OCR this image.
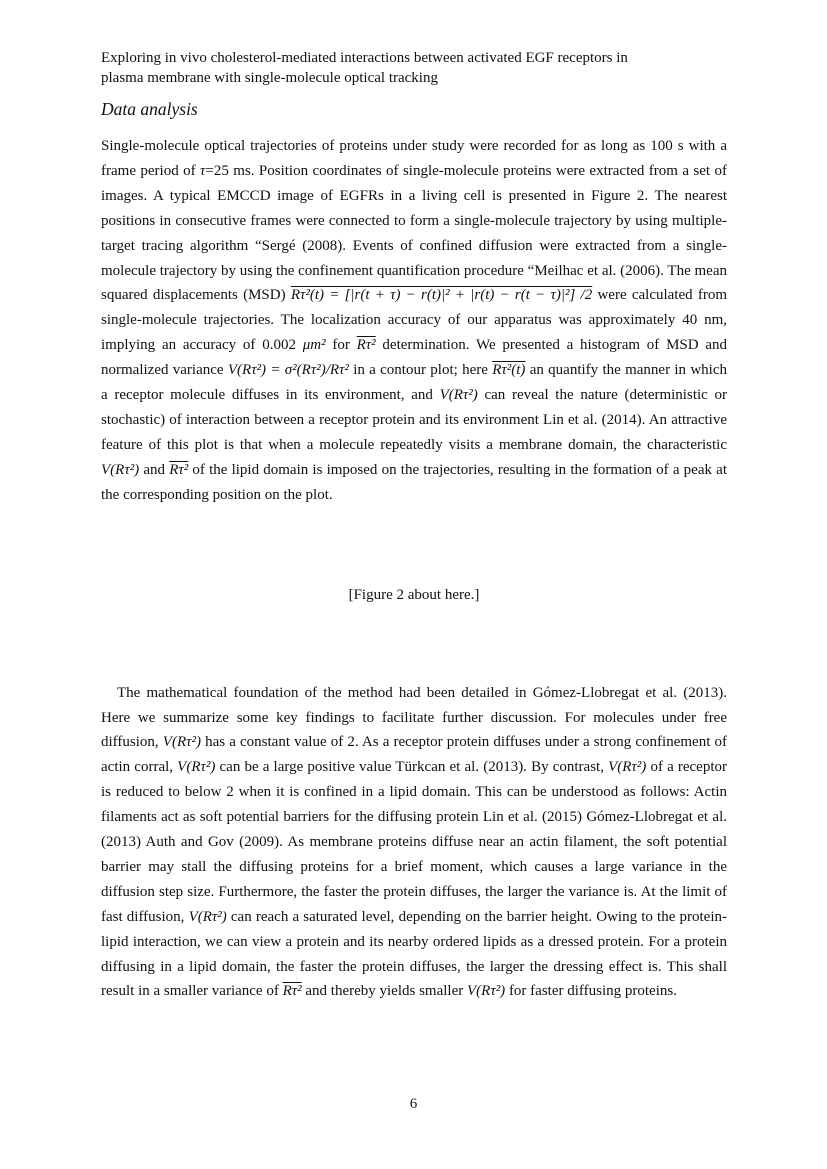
Exploring in vivo cholesterol-mediated interactions between activated EGF receptors in
plasma membrane with single-molecule optical tracking
Data analysis

Single-molecule optical trajectories of proteins under study were recorded for as long as 100 s with a frame period of τ=25 ms. Position coordinates of single-molecule proteins were extracted from a set of images. A typical EMCCD image of EGFRs in a living cell is presented in Figure 2. The nearest positions in consecutive frames were connected to form a single-molecule trajectory by using multiple-target tracing algorithm “Sergé (2008). Events of confined diffusion were extracted from a single-molecule trajectory by using the confinement quantification procedure “Meilhac et al. (2006). The mean squared displacements (MSD) Rτ²(t) = [|r(t + τ) − r(t)|² + |r(t) − r(t − τ)|²] /2 were calculated from single-molecule trajectories. The localization accuracy of our apparatus was approximately 40 nm, implying an accuracy of 0.002 μm² for Rτ² determination. We presented a histogram of MSD and normalized variance V(Rτ²) = σ²(Rτ²)/Rτ² in a contour plot; here Rτ²(t) an quantify the manner in which a receptor molecule diffuses in its environment, and V(Rτ²) can reveal the nature (deterministic or stochastic) of interaction between a receptor protein and its environment Lin et al. (2014). An attractive feature of this plot is that when a molecule repeatedly visits a membrane domain, the characteristic V(Rτ²) and Rτ² of the lipid domain is imposed on the trajectories, resulting in the formation of a peak at the corresponding position on the plot.

[Figure 2 about here.]

The mathematical foundation of the method had been detailed in Gómez-Llobregat et al. (2013). Here we summarize some key findings to facilitate further discussion. For molecules under free diffusion, V(Rτ²) has a constant value of 2. As a receptor protein diffuses under a strong confinement of actin corral, V(Rτ²) can be a large positive value Türkcan et al. (2013). By contrast, V(Rτ²) of a receptor is reduced to below 2 when it is confined in a lipid domain. This can be understood as follows: Actin filaments act as soft potential barriers for the diffusing protein Lin et al. (2015) Gómez-Llobregat et al. (2013) Auth and Gov (2009). As membrane proteins diffuse near an actin filament, the soft potential barrier may stall the diffusing proteins for a brief moment, which causes a large variance in the diffusion step size. Furthermore, the faster the protein diffuses, the larger the variance is. At the limit of fast diffusion, V(Rτ²) can reach a saturated level, depending on the barrier height. Owing to the protein-lipid interaction, we can view a protein and its nearby ordered lipids as a dressed protein. For a protein diffusing in a lipid domain, the faster the protein diffuses, the larger the dressing effect is. This shall result in a smaller variance of Rτ² and thereby yields smaller V(Rτ²) for faster diffusing proteins.

6
